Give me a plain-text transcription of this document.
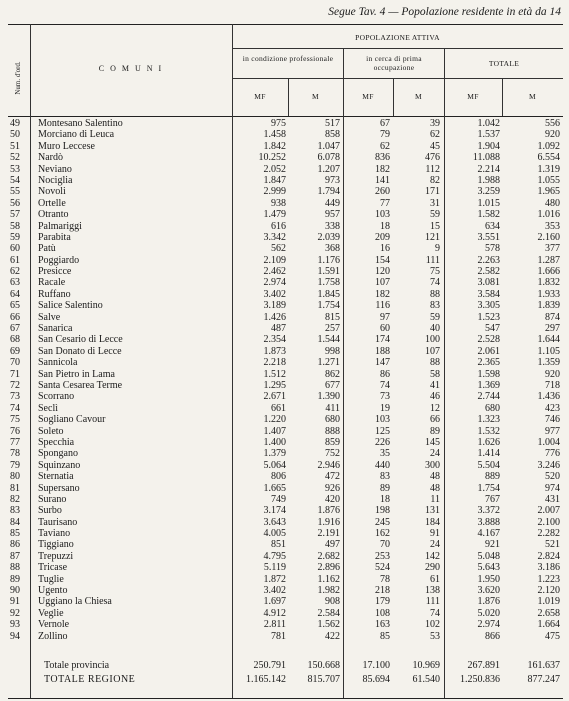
Segue Tav. 4 — Popolazione residente in età da 14
Num. d'ord.	C O M U N I
POPOLAZIONE ATTIVA
in condizione professionale	in cerca di prima occupazione	TOTALE
MF	M	MF	M	MF	M
49	Montesano Salentino	975	517	67	39	1.042	556
50	Morciano di Leuca	1.458	858	79	62	1.537	920
51	Muro Leccese	1.842	1.047	62	45	1.904	1.092
52	Nardò	10.252	6.078	836	476	11.088	6.554
53	Neviano	2.052	1.207	182	112	2.214	1.319
54	Nociglia	1.847	973	141	82	1.988	1.055
55	Novoli	2.999	1.794	260	171	3.259	1.965
56	Ortelle	938	449	77	31	1.015	480
57	Otranto	1.479	957	103	59	1.582	1.016
58	Palmariggi	616	338	18	15	634	353
59	Parabita	3.342	2.039	209	121	3.551	2.160
60	Patù	562	368	16	9	578	377
61	Poggiardo	2.109	1.176	154	111	2.263	1.287
62	Presicce	2.462	1.591	120	75	2.582	1.666
63	Racale	2.974	1.758	107	74	3.081	1.832
64	Ruffano	3.402	1.845	182	88	3.584	1.933
65	Salice Salentino	3.189	1.754	116	83	3.305	1.839
66	Salve	1.426	815	97	59	1.523	874
67	Sanarica	487	257	60	40	547	297
68	San Cesario di Lecce	2.354	1.544	174	100	2.528	1.644
69	San Donato di Lecce	1.873	998	188	107	2.061	1.105
70	Sannicola	2.218	1.271	147	88	2.365	1.359
71	San Pietro in Lama	1.512	862	86	58	1.598	920
72	Santa Cesarea Terme	1.295	677	74	41	1.369	718
73	Scorrano	2.671	1.390	73	46	2.744	1.436
74	Seclì	661	411	19	12	680	423
75	Sogliano Cavour	1.220	680	103	66	1.323	746
76	Soleto	1.407	888	125	89	1.532	977
77	Specchia	1.400	859	226	145	1.626	1.004
78	Spongano	1.379	752	35	24	1.414	776
79	Squinzano	5.064	2.946	440	300	5.504	3.246
80	Sternatia	806	472	83	48	889	520
81	Supersano	1.665	926	89	48	1.754	974
82	Surano	749	420	18	11	767	431
83	Surbo	3.174	1.876	198	131	3.372	2.007
84	Taurisano	3.643	1.916	245	184	3.888	2.100
85	Taviano	4.005	2.191	162	91	4.167	2.282
86	Tiggiano	851	497	70	24	921	521
87	Trepuzzi	4.795	2.682	253	142	5.048	2.824
88	Tricase	5.119	2.896	524	290	5.643	3.186
89	Tuglie	1.872	1.162	78	61	1.950	1.223
90	Ugento	3.402	1.982	218	138	3.620	2.120
91	Uggiano la Chiesa	1.697	908	179	111	1.876	1.019
92	Veglie	4.912	2.584	108	74	5.020	2.658
93	Vernole	2.811	1.562	163	102	2.974	1.664
94	Zollino	781	422	85	53	866	475
Totale provincia	250.791 150.668 17.100 10.969	267.891	161.637
TOTALE REGIONE	1.165.142 815.707 85.694 61.540 1.250.836	877.247
